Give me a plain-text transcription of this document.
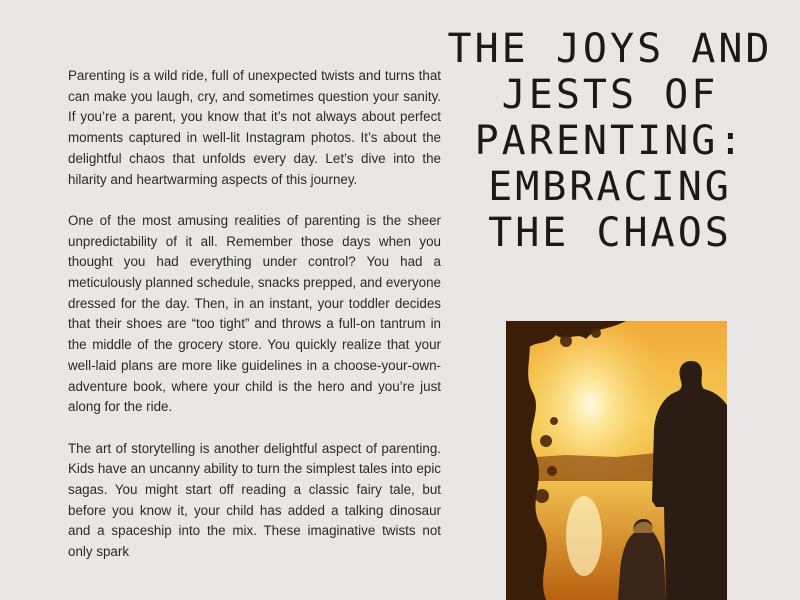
Parenting is a wild ride, full of unexpected twists and turns that can make you laugh, cry, and sometimes question your sanity. If you’re a parent, you know that it’s not always about perfect moments captured in well-lit Instagram photos. It’s about the delightful chaos that unfolds every day. Let’s dive into the hilarity and heartwarming aspects of this journey.

One of the most amusing realities of parenting is the sheer unpredictability of it all. Remember those days when you thought you had everything under control? You had a meticulously planned schedule, snacks prepped, and everyone dressed for the day. Then, in an instant, your toddler decides that their shoes are “too tight” and throws a full-on tantrum in the middle of the grocery store. You quickly realize that your well-laid plans are more like guidelines in a choose-your-own-adventure book, where your child is the hero and you’re just along for the ride.

The art of storytelling is another delightful aspect of parenting. Kids have an uncanny ability to turn the simplest tales into epic sagas. You might start off reading a classic fairy tale, but before you know it, your child has added a talking dinosaur and a spaceship into the mix. These imaginative twists not only spark

THE JOYS AND JESTS OF PARENTING: EMBRACING THE CHAOS
